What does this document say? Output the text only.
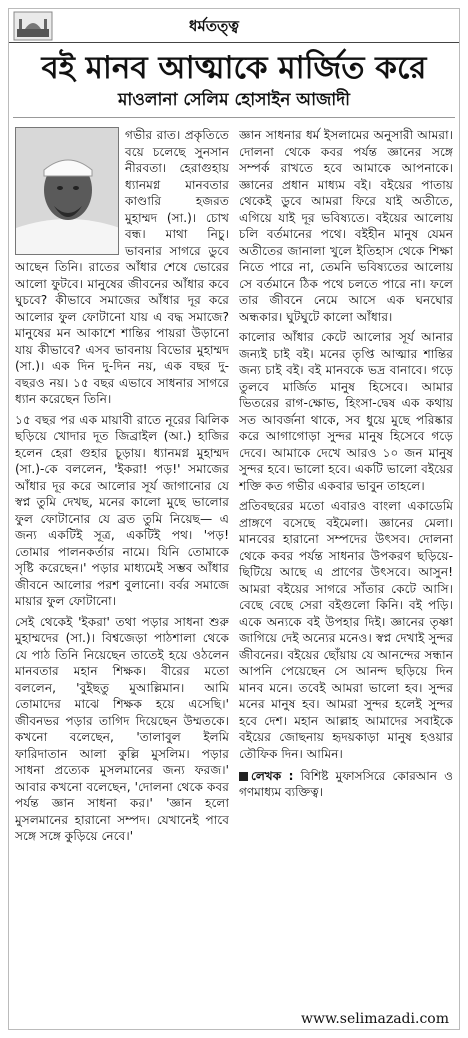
ধর্মতত্ত্ব
বই মানব আত্মাকে মার্জিত করে
মাওলানা সেলিম হোসাইন আজাদী

গভীর রাত। প্রকৃতিতে বয়ে চলেছে সুনসান নীরবতা। হেরাগুহায় ধ্যানমগ্ন মানবতার কাণ্ডারি হজরত মুহাম্মদ (সা.)। চোখ বন্ধ। মাথা নিচু। ভাবনার সাগরে ডুবে আছেন তিনি। রাতের আঁধার শেষে ভোরের আলো ফুটবে। মানুষের জীবনের আঁধার কবে ঘুচবে? কীভাবে সমাজের আঁধার দূর করে আলোর ফুল ফোটানো যায় এ বদ্ধ সমাজে? মানুষের মন আকাশে শান্তির পায়রা উড়ানো যায় কীভাবে? এসব ভাবনায় বিভোর মুহাম্মদ (সা.)। এক দিন দু-দিন নয়, এক বছর দু-বছরও নয়। ১৫ বছর এভাবে সাধনার সাগরে ধ্যান করেছেন তিনি।

১৫ বছর পর এক মায়াবী রাতে নূরের ঝিলিক ছড়িয়ে খোদার দূত জিব্রাইল (আ.) হাজির হলেন হেরা গুহার চূড়ায়। ধ্যানমগ্ন মুহাম্মদ (সা.)-কে বললেন, 'ইকরা! পড়!' সমাজের আঁধার দূর করে আলোর সূর্য জাগানোর যে স্বপ্ন তুমি দেখছ, মনের কালো মুছে ভালোর ফুল ফোটানোর যে ব্রত তুমি নিয়েছ— এ জন্য একটিই সূত্র, একটিই পথ। 'পড়! তোমার পালনকর্তার নামে। যিনি তোমাকে সৃষ্টি করেছেন।' পড়ার মাধ্যমেই সম্ভব আঁধার জীবনে আলোর পরশ বুলানো। বর্বর সমাজে মায়ার ফুল ফোটানো।

সেই থেকেই 'ইকরা' তথা পড়ার সাধনা শুরু মুহাম্মদের (সা.)। বিশ্বজেড়া পাঠশালা থেকে যে পাঠ তিনি নিয়েছেন তাতেই হয়ে ওঠলেন মানবতার মহান শিক্ষক। বীরের মতো বললেন, 'বুইছতু মুআল্লিমান। আমি তোমাদের মাঝে শিক্ষক হয়ে এসেছি।' জীবনভর পড়ার তাগিদ দিয়েছেন উম্মতকে। কখনো বলেছেন, 'তালাবুল ইলমি ফারিদাতান আলা কুল্লি মুসলিম। পড়ার সাধনা প্রত্যেক মুসলমানের জন্য ফরজ।' আবার কখনো বলেছেন, 'দোলনা থেকে কবর পর্যন্ত জ্ঞান সাধনা কর।' 'জ্ঞান হলো মুসলমানের হারানো সম্পদ। যেখানেই পাবে সঙ্গে সঙ্গে কুড়িয়ে নেবে।'

জ্ঞান সাধনার ধর্ম ইসলামের অনুসারী আমরা। দোলনা থেকে কবর পর্যন্ত জ্ঞানের সঙ্গে সম্পর্ক রাখতে হবে আমাকে আপনাকে। জ্ঞানের প্রধান মাধ্যম বই। বইয়ের পাতায় থেকেই ডুবে আমরা ফিরে যাই অতীতে, এগিয়ে যাই দূর ভবিষ্যতে। বইয়ের আলোয় চলি বর্তমানের পথে। বইহীন মানুষ যেমন অতীতের জানালা খুলে ইতিহাস থেকে শিক্ষা নিতে পারে না, তেমনি ভবিষ্যতের আলোয় সে বর্তমানে ঠিক পথে চলতে পারে না। ফলে তার জীবনে নেমে আসে এক ঘনঘোর অন্ধকার। ঘুটঘুটে কালো আঁধার।

কালোর আঁধার কেটে আলোর সূর্য আনার জন্যই চাই বই। মনের তৃপ্তি আত্মার শান্তির জন্য চাই বই। বই মানবকে ভদ্র বানাবে। গড়ে তুলবে মার্জিত মানুষ হিসেবে। আমার ভিতরের রাগ-ক্ষোভ, হিংসা-দ্বেষ এক কথায় সত আবর্জনা থাকে, সব ধুয়ে মুছে পরিষ্কার করে আগাগোড়া সুন্দর মানুষ হিসেবে গড়ে দেবে। আমাকে দেখে আরও ১০ জন মানুষ সুন্দর হবে। ভালো হবে। একটি ভালো বইয়ের শক্তি কত গভীর একবার ভাবুন তাহলে।

প্রতিবছরের মতো এবারও বাংলা একাডেমি প্রাঙ্গণে বসেছে বইমেলা। জ্ঞানের মেলা। মানবের হারানো সম্পদের উৎসব। দোলনা থেকে কবর পর্যন্ত সাধনার উপকরণ ছড়িয়ে-ছিটিয়ে আছে এ প্রাণের উৎসবে। আসুন! আমরা বইয়ের সাগরে সাঁতার কেটে আসি। বেছে বেছে সেরা বইগুলো কিনি। বই পড়ি। একে অন্যকে বই উপহার দিই। জ্ঞানের তৃষ্ণা জাগিয়ে দেই অন্যের মনেও। স্বপ্ন দেখাই সুন্দর জীবনের। বইয়ের ছোঁয়ায় যে আনন্দের সন্ধান আপনি পেয়েছেন সে আনন্দ ছড়িয়ে দিন মানব মনে। তবেই আমরা ভালো হব। সুন্দর মনের মানুষ হব। আমরা সুন্দর হলেই সুন্দর হবে দেশ। মহান আল্লাহ আমাদের সবাইকে বইয়ের জোছনায় হৃদয়কাড়া মানুষ হওয়ার তৌফিক দিন। আমিন।

লেখক : বিশিষ্ট মুফাসসিরে কোরআন ও গণমাধ্যম ব্যক্তিত্ব।
www.selimazadi.com
